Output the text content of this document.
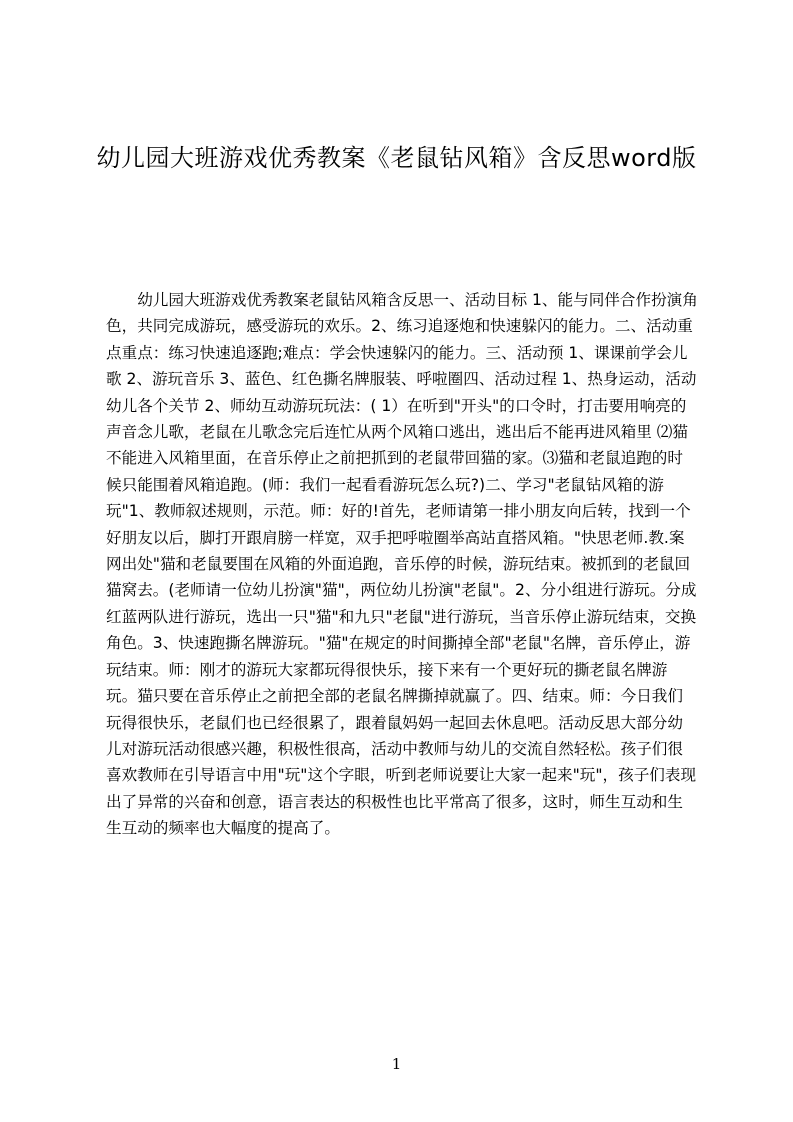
幼儿园大班游戏优秀教案《老鼠钻风箱》含反思word版

幼儿园大班游戏优秀教案老鼠钻风箱含反思一、活动目标 1、能与同伴合作扮演角色，共同完成游玩，感受游玩的欢乐。2、练习追逐炮和快速躲闪的能力。二、活动重点重点：练习快速追逐跑;难点：学会快速躲闪的能力。三、活动预 1、课课前学会儿歌 2、游玩音乐 3、蓝色、红色撕名牌服装、呼啦圈四、活动过程 1、热身运动，活动幼儿各个关节 2、师幼互动游玩玩法：( 1）在听到"开头"的口令时，打击要用响亮的声音念儿歌，老鼠在儿歌念完后连忙从两个风箱口逃出，逃出后不能再进风箱里 ⑵猫不能进入风箱里面，在音乐停止之前把抓到的老鼠带回猫的家。⑶猫和老鼠追跑的时候只能围着风箱追跑。(师：我们一起看看游玩怎么玩?)二、学习"老鼠钻风箱的游玩"1、教师叙述规则，示范。师：好的!首先，老师请第一排小朋友向后转，找到一个好朋友以后，脚打开跟肩膀一样宽，双手把呼啦圈举高站直搭风箱。"快思老师.教.案网出处"猫和老鼠要围在风箱的外面追跑，音乐停的时候，游玩结束。被抓到的老鼠回猫窝去。(老师请一位幼儿扮演"猫"，两位幼儿扮演"老鼠"。2、分小组进行游玩。分成红蓝两队进行游玩，选出一只"猫"和九只"老鼠"进行游玩，当音乐停止游玩结束，交换角色。3、快速跑撕名牌游玩。"猫"在规定的时间撕掉全部"老鼠"名牌，音乐停止，游玩结束。师：刚才的游玩大家都玩得很快乐，接下来有一个更好玩的撕老鼠名牌游玩。猫只要在音乐停止之前把全部的老鼠名牌撕掉就赢了。四、结束。师：今日我们玩得很快乐，老鼠们也已经很累了，跟着鼠妈妈一起回去休息吧。活动反思大部分幼儿对游玩活动很感兴趣，积极性很高，活动中教师与幼儿的交流自然轻松。孩子们很喜欢教师在引导语言中用"玩"这个字眼，听到老师说要让大家一起来"玩"，孩子们表现出了异常的兴奋和创意，语言表达的积极性也比平常高了很多，这时，师生互动和生生互动的频率也大幅度的提高了。

1
